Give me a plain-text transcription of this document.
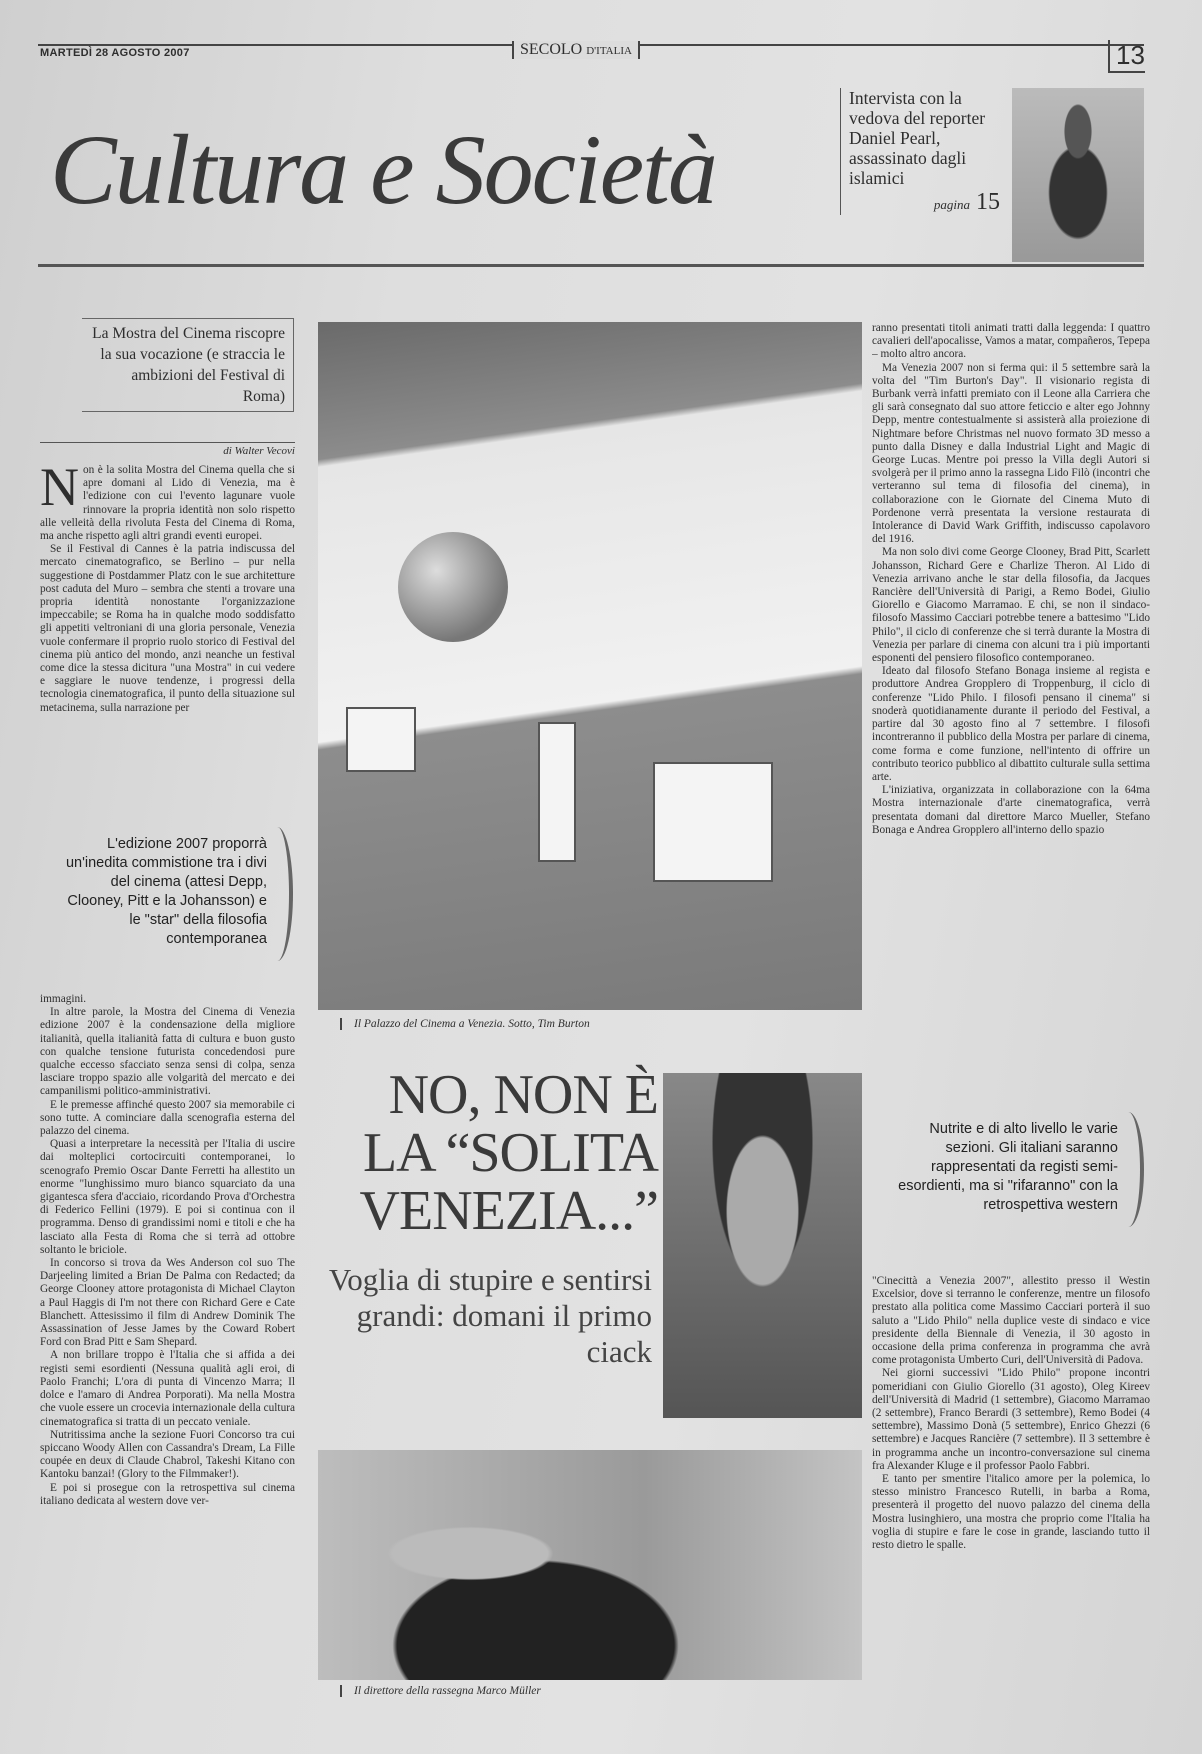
MARTEDÌ 28 AGOSTO 2007	SECOLO D'ITALIA	13
Cultura e Società
Intervista con la vedova del reporter Daniel Pearl, assassinato dagli islamici
pagina 15
La Mostra del Cinema riscopre la sua vocazione (e straccia le ambizioni del Festival di Roma)
di Walter Vecovi

Non è la solita Mostra del Cinema quella che si apre domani al Lido di Venezia, ma è l'edizione con cui l'evento lagunare vuole rinnovare la propria identità non solo rispetto alle velleità della rivoluta Festa del Cinema di Roma, ma anche rispetto agli altri grandi eventi europei.

Se il Festival di Cannes è la patria indiscussa del mercato cinematografico, se Berlino – pur nella suggestione di Postdammer Platz con le sue architetture post caduta del Muro – sembra che stenti a trovare una propria identità nonostante l'organizzazione impeccabile; se Roma ha in qualche modo soddisfatto gli appetiti veltroniani di una gloria personale, Venezia vuole confermare il proprio ruolo storico di Festival del cinema più antico del mondo, anzi neanche un festival come dice la stessa dicitura "una Mostra" in cui vedere e saggiare le nuove tendenze, i progressi della tecnologia cinematografica, il punto della situazione sul metacinema, sulla narrazione per

L'edizione 2007 proporrà un'inedita commistione tra i divi del cinema (attesi Depp, Clooney, Pitt e la Johansson) e le "star" della filosofia contemporanea

immagini.

In altre parole, la Mostra del Cinema di Venezia edizione 2007 è la condensazione della migliore italianità, quella italianità fatta di cultura e buon gusto con qualche tensione futurista concedendosi pure qualche eccesso sfacciato senza sensi di colpa, senza lasciare troppo spazio alle volgarità del mercato e dei campanilismi politico-amministrativi.

E le premesse affinché questo 2007 sia memorabile ci sono tutte. A cominciare dalla scenografia esterna del palazzo del cinema.

Quasi a interpretare la necessità per l'Italia di uscire dai molteplici cortocircuiti contemporanei, lo scenografo Premio Oscar Dante Ferretti ha allestito un enorme "lunghissimo muro bianco squarciato da una gigantesca sfera d'acciaio, ricordando Prova d'Orchestra di Federico Fellini (1979). E poi si continua con il programma. Denso di grandissimi nomi e titoli e che ha lasciato alla Festa di Roma che si terrà ad ottobre soltanto le briciole.

In concorso si trova da Wes Anderson col suo The Darjeeling limited a Brian De Palma con Redacted; da George Clooney attore protagonista di Michael Clayton a Paul Haggis di I'm not there con Richard Gere e Cate Blanchett. Attesissimo il film di Andrew Dominik The Assassination of Jesse James by the Coward Robert Ford con Brad Pitt e Sam Shepard.

A non brillare troppo è l'Italia che si affida a dei registi semi esordienti (Nessuna qualità agli eroi, di Paolo Franchi; L'ora di punta di Vincenzo Marra; Il dolce e l'amaro di Andrea Porporati). Ma nella Mostra che vuole essere un crocevia internazionale della cultura cinematografica si tratta di un peccato veniale.

Nutritissima anche la sezione Fuori Concorso tra cui spiccano Woody Allen con Cassandra's Dream, La Fille coupée en deux di Claude Chabrol, Takeshi Kitano con Kantoku banzai! (Glory to the Filmmaker!).

E poi si prosegue con la retrospettiva sul cinema italiano dedicata al western dove ver-

Il Palazzo del Cinema a Venezia. Sotto, Tim Burton
NO, NON È LA “SOLITA VENEZIA...”
Voglia di stupire e sentirsi grandi: domani il primo ciack
Il direttore della rassegna Marco Müller

ranno presentati titoli animati tratti dalla leggenda: I quattro cavalieri dell'apocalisse, Vamos a matar, compañeros, Tepepa – molto altro ancora.

Ma Venezia 2007 non si ferma qui: il 5 settembre sarà la volta del "Tim Burton's Day". Il visionario regista di Burbank verrà infatti premiato con il Leone alla Carriera che gli sarà consegnato dal suo attore feticcio e alter ego Johnny Depp, mentre contestualmente si assisterà alla proiezione di Nightmare before Christmas nel nuovo formato 3D messo a punto dalla Disney e dalla Industrial Light and Magic di George Lucas. Mentre poi presso la Villa degli Autori si svolgerà per il primo anno la rassegna Lido Filò (incontri che verteranno sul tema di filosofia del cinema), in collaborazione con le Giornate del Cinema Muto di Pordenone verrà presentata la versione restaurata di Intolerance di David Wark Griffith, indiscusso capolavoro del 1916.

Ma non solo divi come George Clooney, Brad Pitt, Scarlett Johansson, Richard Gere e Charlize Theron. Al Lido di Venezia arrivano anche le star della filosofia, da Jacques Rancière dell'Università di Parigi, a Remo Bodei, Giulio Giorello e Giacomo Marramao. E chi, se non il sindaco-filosofo Massimo Cacciari potrebbe tenere a battesimo "Lido Philo", il ciclo di conferenze che si terrà durante la Mostra di Venezia per parlare di cinema con alcuni tra i più importanti esponenti del pensiero filosofico contemporaneo.

Ideato dal filosofo Stefano Bonaga insieme al regista e produttore Andrea Gropplero di Troppenburg, il ciclo di conferenze "Lido Philo. I filosofi pensano il cinema" si snoderà quotidianamente durante il periodo del Festival, a partire dal 30 agosto fino al 7 settembre. I filosofi incontreranno il pubblico della Mostra per parlare di cinema, come forma e come funzione, nell'intento di offrire un contributo teorico pubblico al dibattito culturale sulla settima arte.

L'iniziativa, organizzata in collaborazione con la 64ma Mostra internazionale d'arte cinematografica, verrà presentata domani dal direttore Marco Mueller, Stefano Bonaga e Andrea Gropplero all'interno dello spazio

Nutrite e di alto livello le varie sezioni. Gli italiani saranno rappresentati da registi semi-esordienti, ma si "rifaranno" con la retrospettiva western

"Cinecittà a Venezia 2007", allestito presso il Westin Excelsior, dove si terranno le conferenze, mentre un filosofo prestato alla politica come Massimo Cacciari porterà il suo saluto a "Lido Philo" nella duplice veste di sindaco e vice presidente della Biennale di Venezia, il 30 agosto in occasione della prima conferenza in programma che avrà come protagonista Umberto Curi, dell'Università di Padova.

Nei giorni successivi "Lido Philo" propone incontri pomeridiani con Giulio Giorello (31 agosto), Oleg Kireev dell'Università di Madrid (1 settembre), Giacomo Marramao (2 settembre), Franco Berardi (3 settembre), Remo Bodei (4 settembre), Massimo Donà (5 settembre), Enrico Ghezzi (6 settembre) e Jacques Rancière (7 settembre). Il 3 settembre è in programma anche un incontro-conversazione sul cinema fra Alexander Kluge e il professor Paolo Fabbri.

E tanto per smentire l'italico amore per la polemica, lo stesso ministro Francesco Rutelli, in barba a Roma, presenterà il progetto del nuovo palazzo del cinema della Mostra lusinghiero, una mostra che proprio come l'Italia ha voglia di stupire e fare le cose in grande, lasciando tutto il resto dietro le spalle.
